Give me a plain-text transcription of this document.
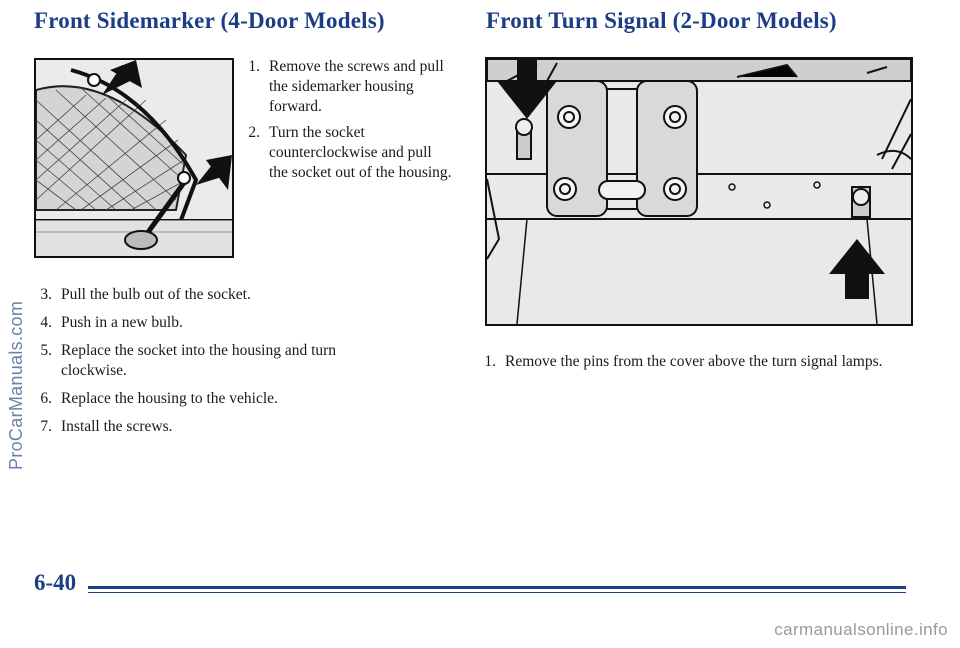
Front Sidemarker (4-Door Models)	Front Turn Signal (2-Door Models)
1. Remove the screws and pull the sidemarker housing forward.
2. Turn the socket counterclockwise and pull the socket out of the housing.
3. Pull the bulb out of the socket.
4. Push in a new bulb.
5. Replace the socket into the housing and turn clockwise.
6. Replace the housing to the vehicle.
7. Install the screws.
1. Remove the pins from the cover above the turn signal lamps.
ProCarManuals.com
6-40
carmanualsonline.info
